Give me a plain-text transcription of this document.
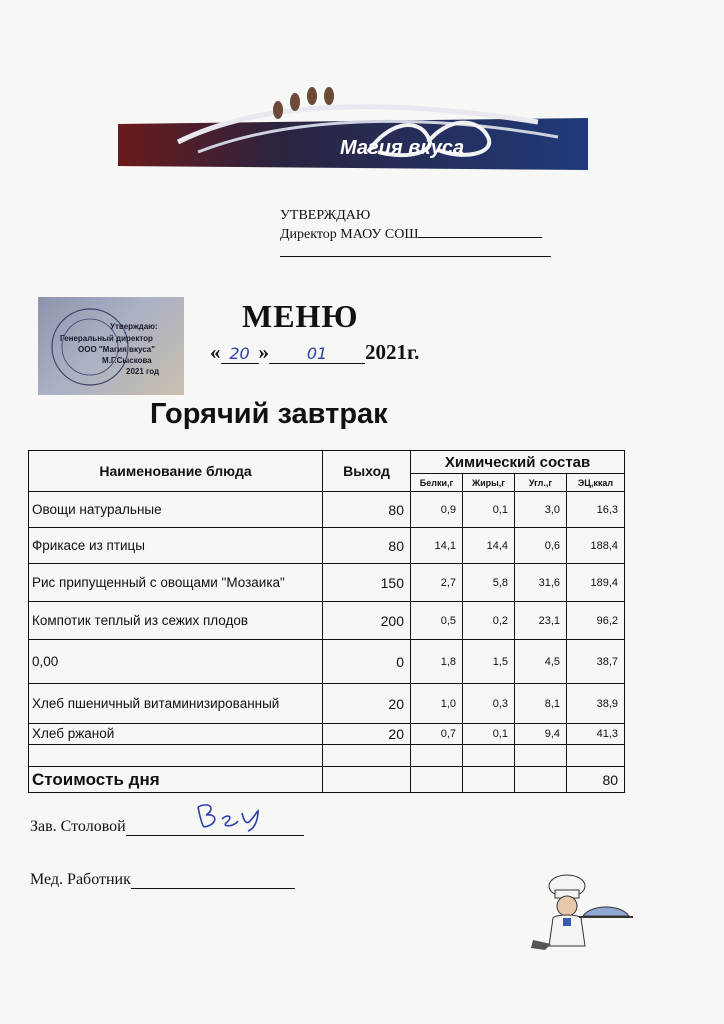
Магия вкуса
УТВЕРЖДАЮ
Директор МАОУ СОШ
Утверждаю:
Генеральный директор
ООО "Магия вкуса"
М.Г.Сыскова
2021 год
МЕНЮ
« 20 » 01 2021г.
Горячий завтрак
Наименование блюда	Выход	Химический состав			
		Белки,г	Жиры,г	Угл.,г	ЭЦ,ккал
Овощи натуральные	80	0,9	0,1	3,0	16,3
Фрикасе из птицы	80	14,1	14,4	0,6	188,4
Рис припущенный с овощами "Мозаика"	150	2,7	5,8	31,6	189,4
Компотик теплый из сежих плодов	200	0,5	0,2	23,1	96,2
0,00	0	1,8	1,5	4,5	38,7
Хлеб пшеничный витаминизированный	20	1,0	0,3	8,1	38,9
Хлеб ржаной	20	0,7	0,1	9,4	41,3

Стоимость дня					80
Зав. Столовой
Мед. Работник
